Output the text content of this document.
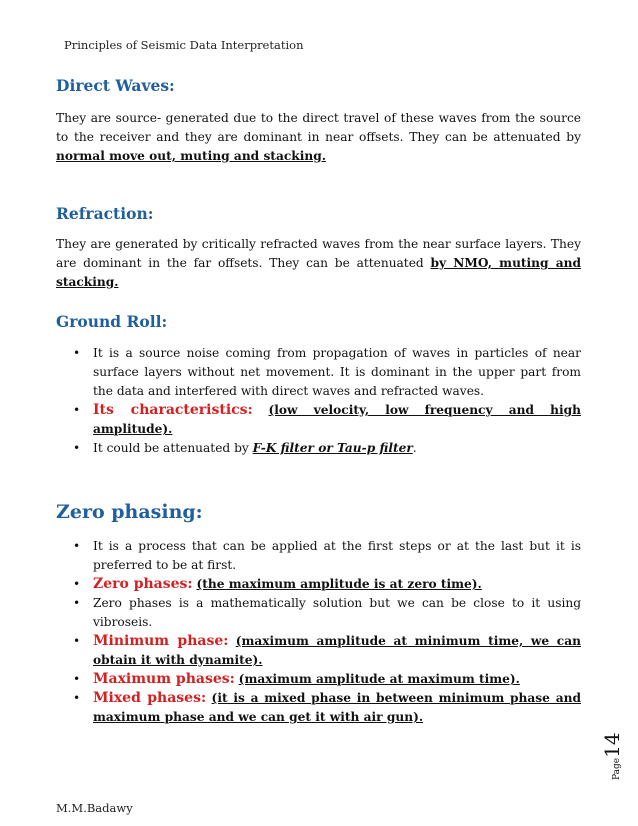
Principles of Seismic Data Interpretation
Direct Waves:
They are source- generated due to the direct travel of these waves from the source to the receiver and they are dominant in near offsets. They can be attenuated by normal move out, muting and stacking.
Refraction:
They are generated by critically refracted waves from the near surface layers. They are dominant in the far offsets. They can be attenuated by NMO, muting and stacking.
Ground Roll:
• It is a source noise coming from propagation of waves in particles of near surface layers without net movement. It is dominant in the upper part from the data and interfered with direct waves and refracted waves.
• Its characteristics: (low velocity, low frequency and high amplitude).
• It could be attenuated by F-K filter or Tau-p filter.
Zero phasing:
• It is a process that can be applied at the first steps or at the last but it is preferred to be at first.
• Zero phases: (the maximum amplitude is at zero time).
• Zero phases is a mathematically solution but we can be close to it using vibroseis.
• Minimum phase: (maximum amplitude at minimum time, we can obtain it with dynamite).
• Maximum phases: (maximum amplitude at maximum time).
• Mixed phases: (it is a mixed phase in between minimum phase and maximum phase and we can get it with air gun).
Page14
M.M.Badawy
